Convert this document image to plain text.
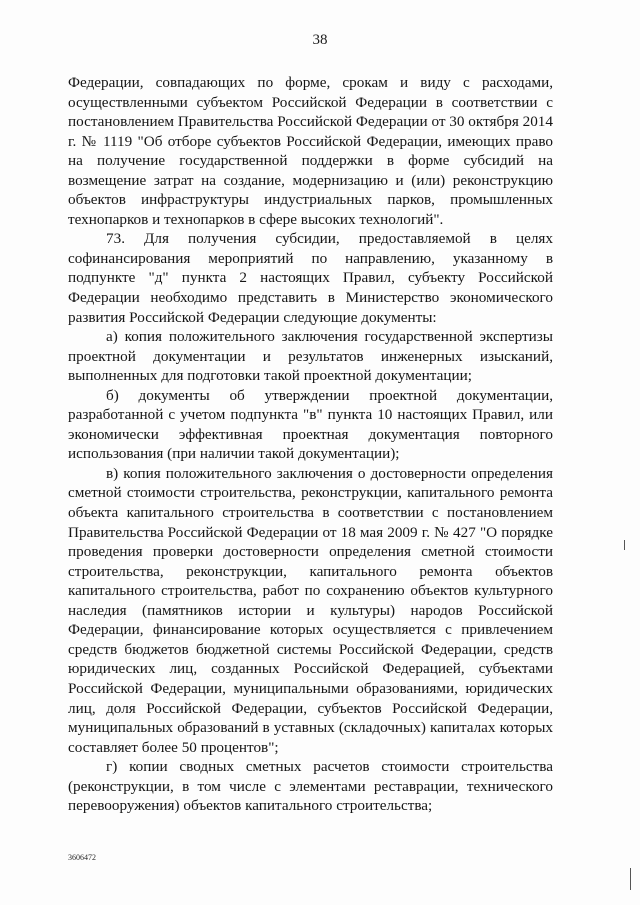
38

Федерации, совпадающих по форме, срокам и виду с расходами, осуществленными субъектом Российской Федерации в соответствии с постановлением Правительства Российской Федерации от 30 октября 2014 г. № 1119 "Об отборе субъектов Российской Федерации, имеющих право на получение государственной поддержки в форме субсидий на возмещение затрат на создание, модернизацию и (или) реконструкцию объектов инфраструктуры индустриальных парков, промышленных технопарков и технопарков в сфере высоких технологий".

73. Для получения субсидии, предоставляемой в целях софинансирования мероприятий по направлению, указанному в подпункте "д" пункта 2 настоящих Правил, субъекту Российской Федерации необходимо представить в Министерство экономического развития Российской Федерации следующие документы:

а) копия положительного заключения государственной экспертизы проектной документации и результатов инженерных изысканий, выполненных для подготовки такой проектной документации;

б) документы об утверждении проектной документации, разработанной с учетом подпункта "в" пункта 10 настоящих Правил, или экономически эффективная проектная документация повторного использования (при наличии такой документации);

в) копия положительного заключения о достоверности определения сметной стоимости строительства, реконструкции, капитального ремонта объекта капитального строительства в соответствии с постановлением Правительства Российской Федерации от 18 мая 2009 г. № 427 "О порядке проведения проверки достоверности определения сметной стоимости строительства, реконструкции, капитального ремонта объектов капитального строительства, работ по сохранению объектов культурного наследия (памятников истории и культуры) народов Российской Федерации, финансирование которых осуществляется с привлечением средств бюджетов бюджетной системы Российской Федерации, средств юридических лиц, созданных Российской Федерацией, субъектами Российской Федерации, муниципальными образованиями, юридических лиц, доля Российской Федерации, субъектов Российской Федерации, муниципальных образований в уставных (складочных) капиталах которых составляет более 50 процентов";

г) копии сводных сметных расчетов стоимости строительства (реконструкции, в том числе с элементами реставрации, технического перевооружения) объектов капитального строительства;

3606472
